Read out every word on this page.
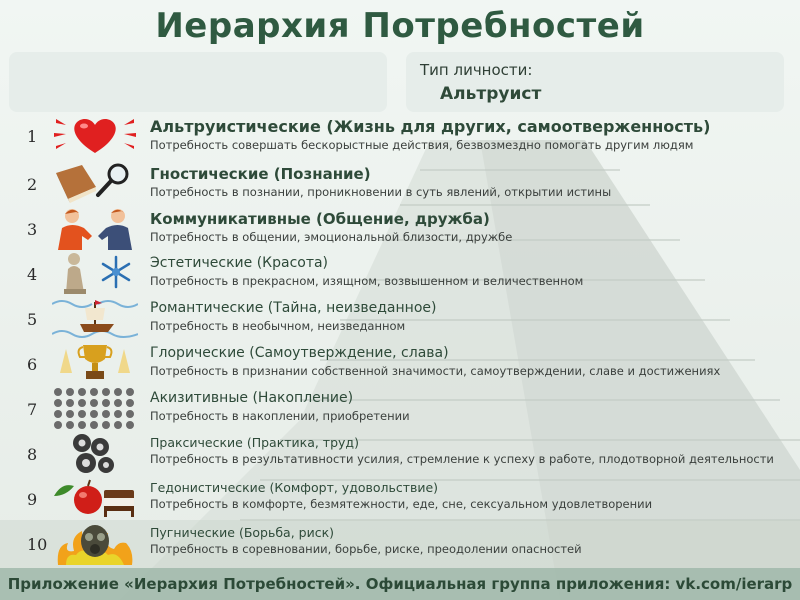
Иерархия Потребностей
Тип личности:
Альтруист
1
Альтруистические (Жизнь для других, самоотверженность)
Потребность совершать бескорыстные действия, безвозмездно помогать другим людям
2
Гностические (Познание)
Потребность в познании, проникновении в суть явлений, открытии истины
3
Коммуникативные (Общение, дружба)
Потребность в общении, эмоциональной близости, дружбе
4
Эстетические (Красота)
Потребность в прекрасном, изящном, возвышенном и величественном
5
Романтические (Тайна, неизведанное)
Потребность в необычном, неизведанном
6
Глорические (Самоутверждение, слава)
Потребность в признании собственной значимости, самоутверждении, славе и достижениях
7
Акизитивные (Накопление)
Потребность в накоплении, приобретении
8
Праксические (Практика, труд)
Потребность в результативности усилия, стремление к успеху в работе, плодотворной деятельности
9
Гедонистические (Комфорт, удовольствие)
Потребность в комфорте, безмятежности, еде, сне, сексуальном удовлетворении
10
Пугнические (Борьба, риск)
Потребность в соревновании, борьбе, риске, преодолении опасностей
Приложение «Иерархия Потребностей». Официальная группа приложения: vk.com/ierarp
